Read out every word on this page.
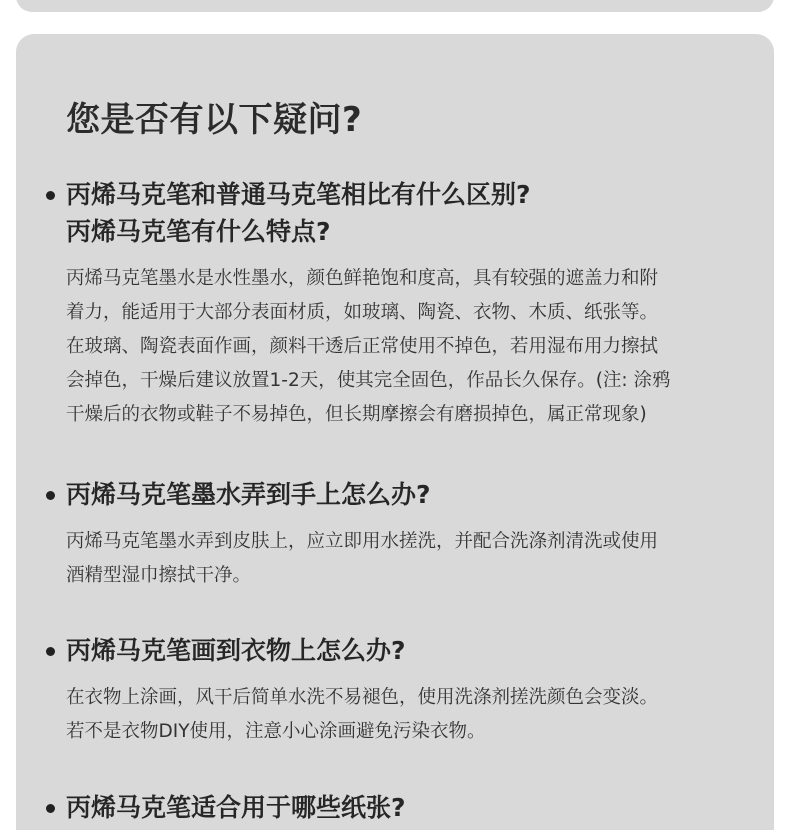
您是否有以下疑问?

丙烯马克笔和普通马克笔相比有什么区别?
丙烯马克笔有什么特点?

丙烯马克笔墨水是水性墨水，颜色鲜艳饱和度高，具有较强的遮盖力和附
着力，能适用于大部分表面材质，如玻璃、陶瓷、衣物、木质、纸张等。
在玻璃、陶瓷表面作画，颜料干透后正常使用不掉色，若用湿布用力擦拭
会掉色，干燥后建议放置1-2天，使其完全固色，作品长久保存。(注: 涂鸦
干燥后的衣物或鞋子不易掉色，但长期摩擦会有磨损掉色，属正常现象)

丙烯马克笔墨水弄到手上怎么办?

丙烯马克笔墨水弄到皮肤上，应立即用水搓洗，并配合洗涤剂清洗或使用
酒精型湿巾擦拭干净。

丙烯马克笔画到衣物上怎么办?

在衣物上涂画，风干后简单水洗不易褪色，使用洗涤剂搓洗颜色会变淡。
若不是衣物DIY使用，注意小心涂画避免污染衣物。

丙烯马克笔适合用于哪些纸张?
